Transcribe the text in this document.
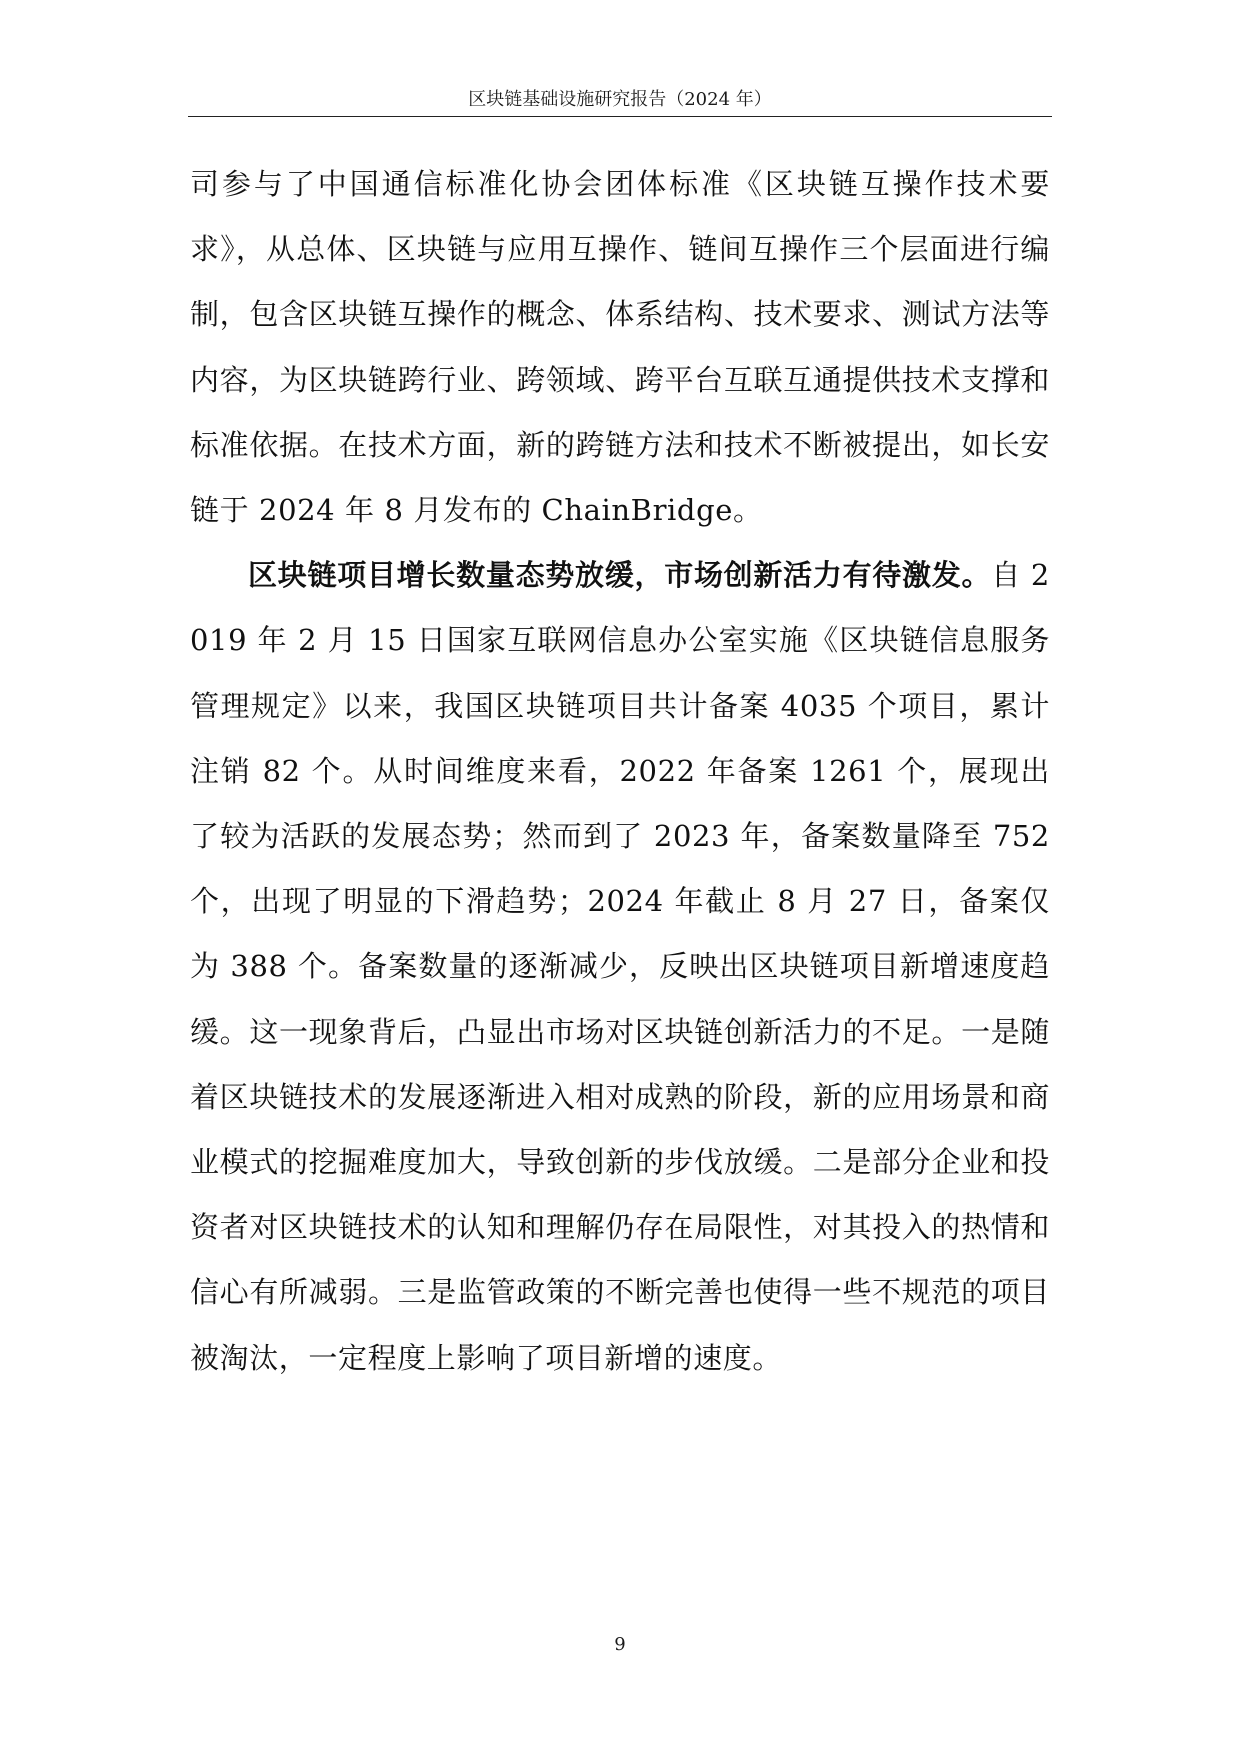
区块链基础设施研究报告（2024 年）

司参与了中国通信标准化协会团体标准《区块链互操作技术要求》，从总体、区块链与应用互操作、链间互操作三个层面进行编制，包含区块链互操作的概念、体系结构、技术要求、测试方法等内容，为区块链跨行业、跨领域、跨平台互联互通提供技术支撑和标准依据。在技术方面，新的跨链方法和技术不断被提出，如长安链于 2024 年 8 月发布的 ChainBridge。

区块链项目增长数量态势放缓，市场创新活力有待激发。自 2019 年 2 月 15 日国家互联网信息办公室实施《区块链信息服务管理规定》以来，我国区块链项目共计备案 4035 个项目，累计注销 82 个。从时间维度来看，2022 年备案 1261 个，展现出了较为活跃的发展态势；然而到了 2023 年，备案数量降至 752 个，出现了明显的下滑趋势；2024 年截止 8 月 27 日，备案仅为 388 个。备案数量的逐渐减少，反映出区块链项目新增速度趋缓。这一现象背后，凸显出市场对区块链创新活力的不足。一是随着区块链技术的发展逐渐进入相对成熟的阶段，新的应用场景和商业模式的挖掘难度加大，导致创新的步伐放缓。二是部分企业和投资者对区块链技术的认知和理解仍存在局限性，对其投入的热情和信心有所减弱。三是监管政策的不断完善也使得一些不规范的项目被淘汰，一定程度上影响了项目新增的速度。

9
